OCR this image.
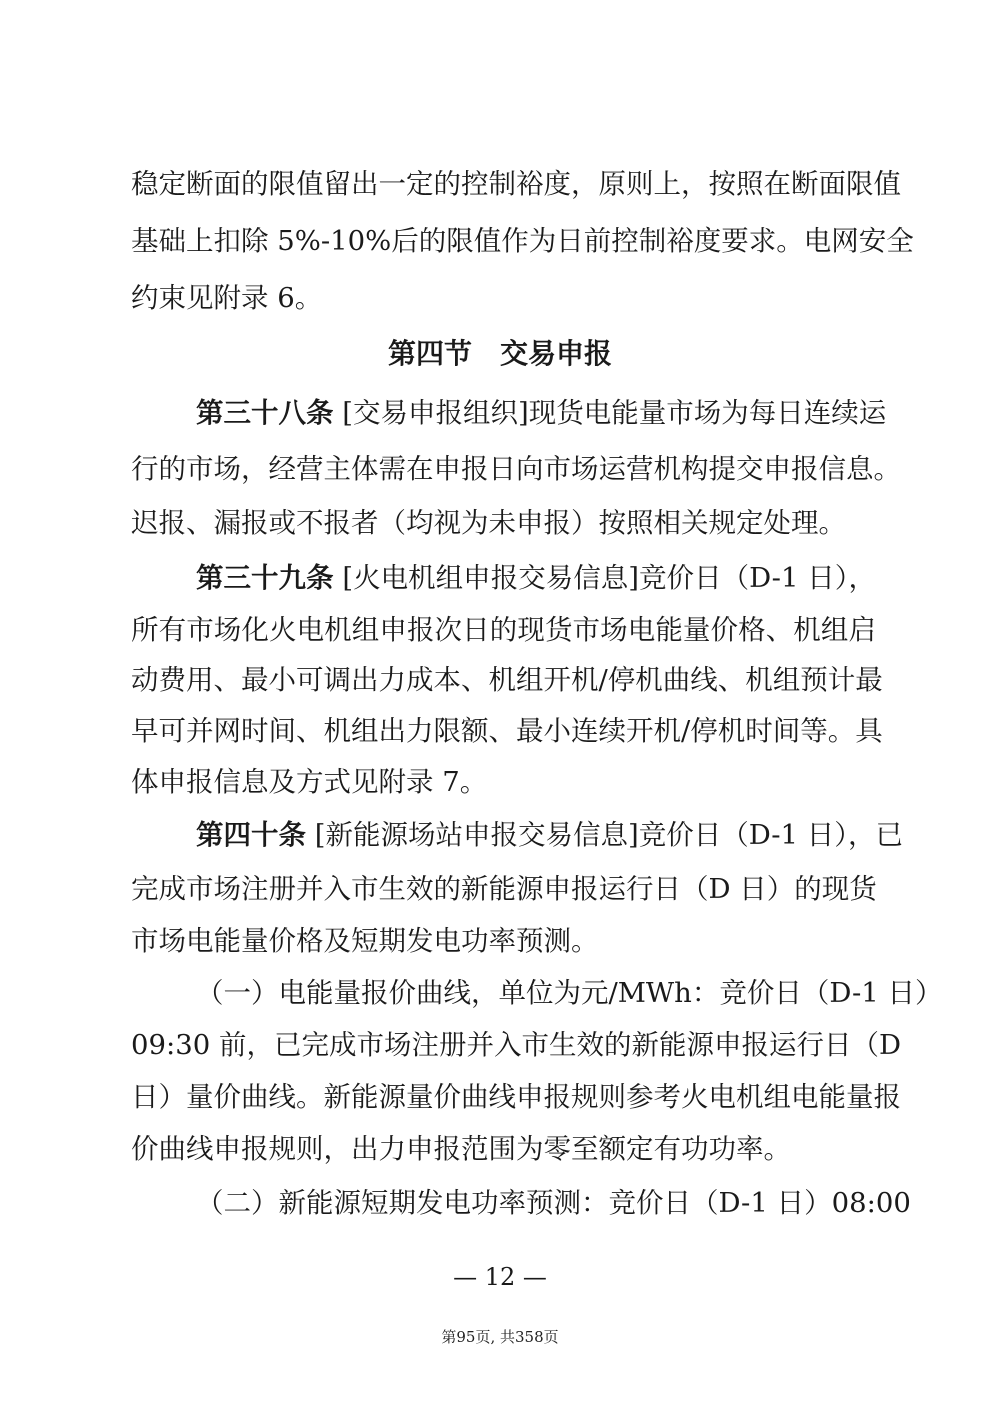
稳定断面的限值留出一定的控制裕度，原则上，按照在断面限值
基础上扣除 5%-10%后的限值作为日前控制裕度要求。电网安全
约束见附录 6。
第四节　交易申报
第三十八条 [交易申报组织]现货电能量市场为每日连续运
行的市场，经营主体需在申报日向市场运营机构提交申报信息。
迟报、漏报或不报者（均视为未申报）按照相关规定处理。
第三十九条 [火电机组申报交易信息]竞价日（D-1 日），
所有市场化火电机组申报次日的现货市场电能量价格、机组启
动费用、最小可调出力成本、机组开机/停机曲线、机组预计最
早可并网时间、机组出力限额、最小连续开机/停机时间等。具
体申报信息及方式见附录 7。
第四十条 [新能源场站申报交易信息]竞价日（D-1 日），已
完成市场注册并入市生效的新能源申报运行日（D 日）的现货
市场电能量价格及短期发电功率预测。
（一）电能量报价曲线，单位为元/MWh：竞价日（D-1 日）
09:30 前，已完成市场注册并入市生效的新能源申报运行日（D
日）量价曲线。新能源量价曲线申报规则参考火电机组电能量报
价曲线申报规则，出力申报范围为零至额定有功功率。
（二）新能源短期发电功率预测：竞价日（D-1 日）08:00
— 12 —
第95页, 共358页
